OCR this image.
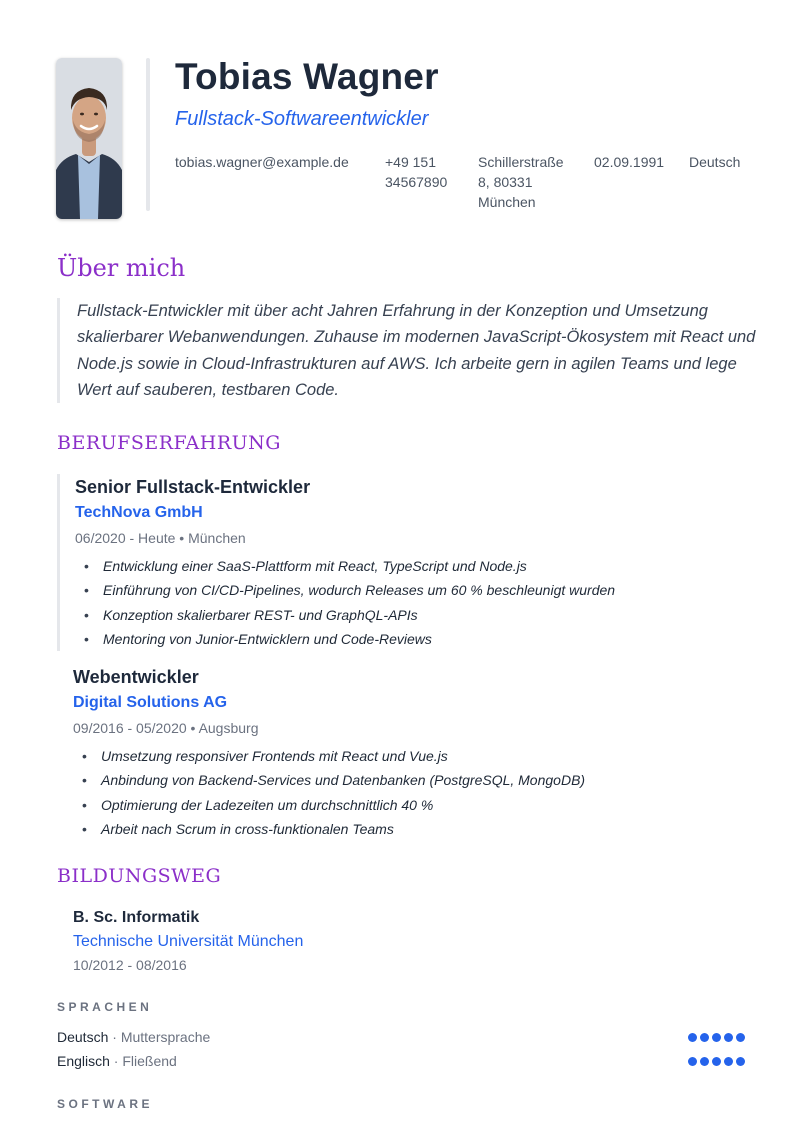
Tobias Wagner
Fullstack-Softwareentwickler
tobias.wagner@example.de	+49 151
34567890
Schillerstraße
8, 80331
München
02.09.1991 Deutsch
Über mich
Fullstack-Entwickler mit über acht Jahren Erfahrung in der Konzeption und Umsetzung skalierbarer Webanwendungen. Zuhause im modernen JavaScript-Ökosystem mit React und Node.js sowie in Cloud-Infrastrukturen auf AWS. Ich arbeite gern in agilen Teams und lege Wert auf sauberen, testbaren Code.
BERUFSERFAHRUNG
Senior Fullstack-Entwickler
TechNova GmbH
06/2020 - Heute • München
• Entwicklung einer SaaS-Plattform mit React, TypeScript und Node.js
• Einführung von CI/CD-Pipelines, wodurch Releases um 60 % beschleunigt wurden
• Konzeption skalierbarer REST- und GraphQL-APIs
• Mentoring von Junior-Entwicklern und Code-Reviews
Webentwickler
Digital Solutions AG
09/2016 - 05/2020 • Augsburg
• Umsetzung responsiver Frontends mit React und Vue.js
• Anbindung von Backend-Services und Datenbanken (PostgreSQL, MongoDB)
• Optimierung der Ladezeiten um durchschnittlich 40 %
• Arbeit nach Scrum in cross-funktionalen Teams
BILDUNGSWEG
B. Sc. Informatik
Technische Universität München
10/2012 - 08/2016
SPRACHEN
Deutsch · Muttersprache
Englisch · Fließend
SOFTWARE
